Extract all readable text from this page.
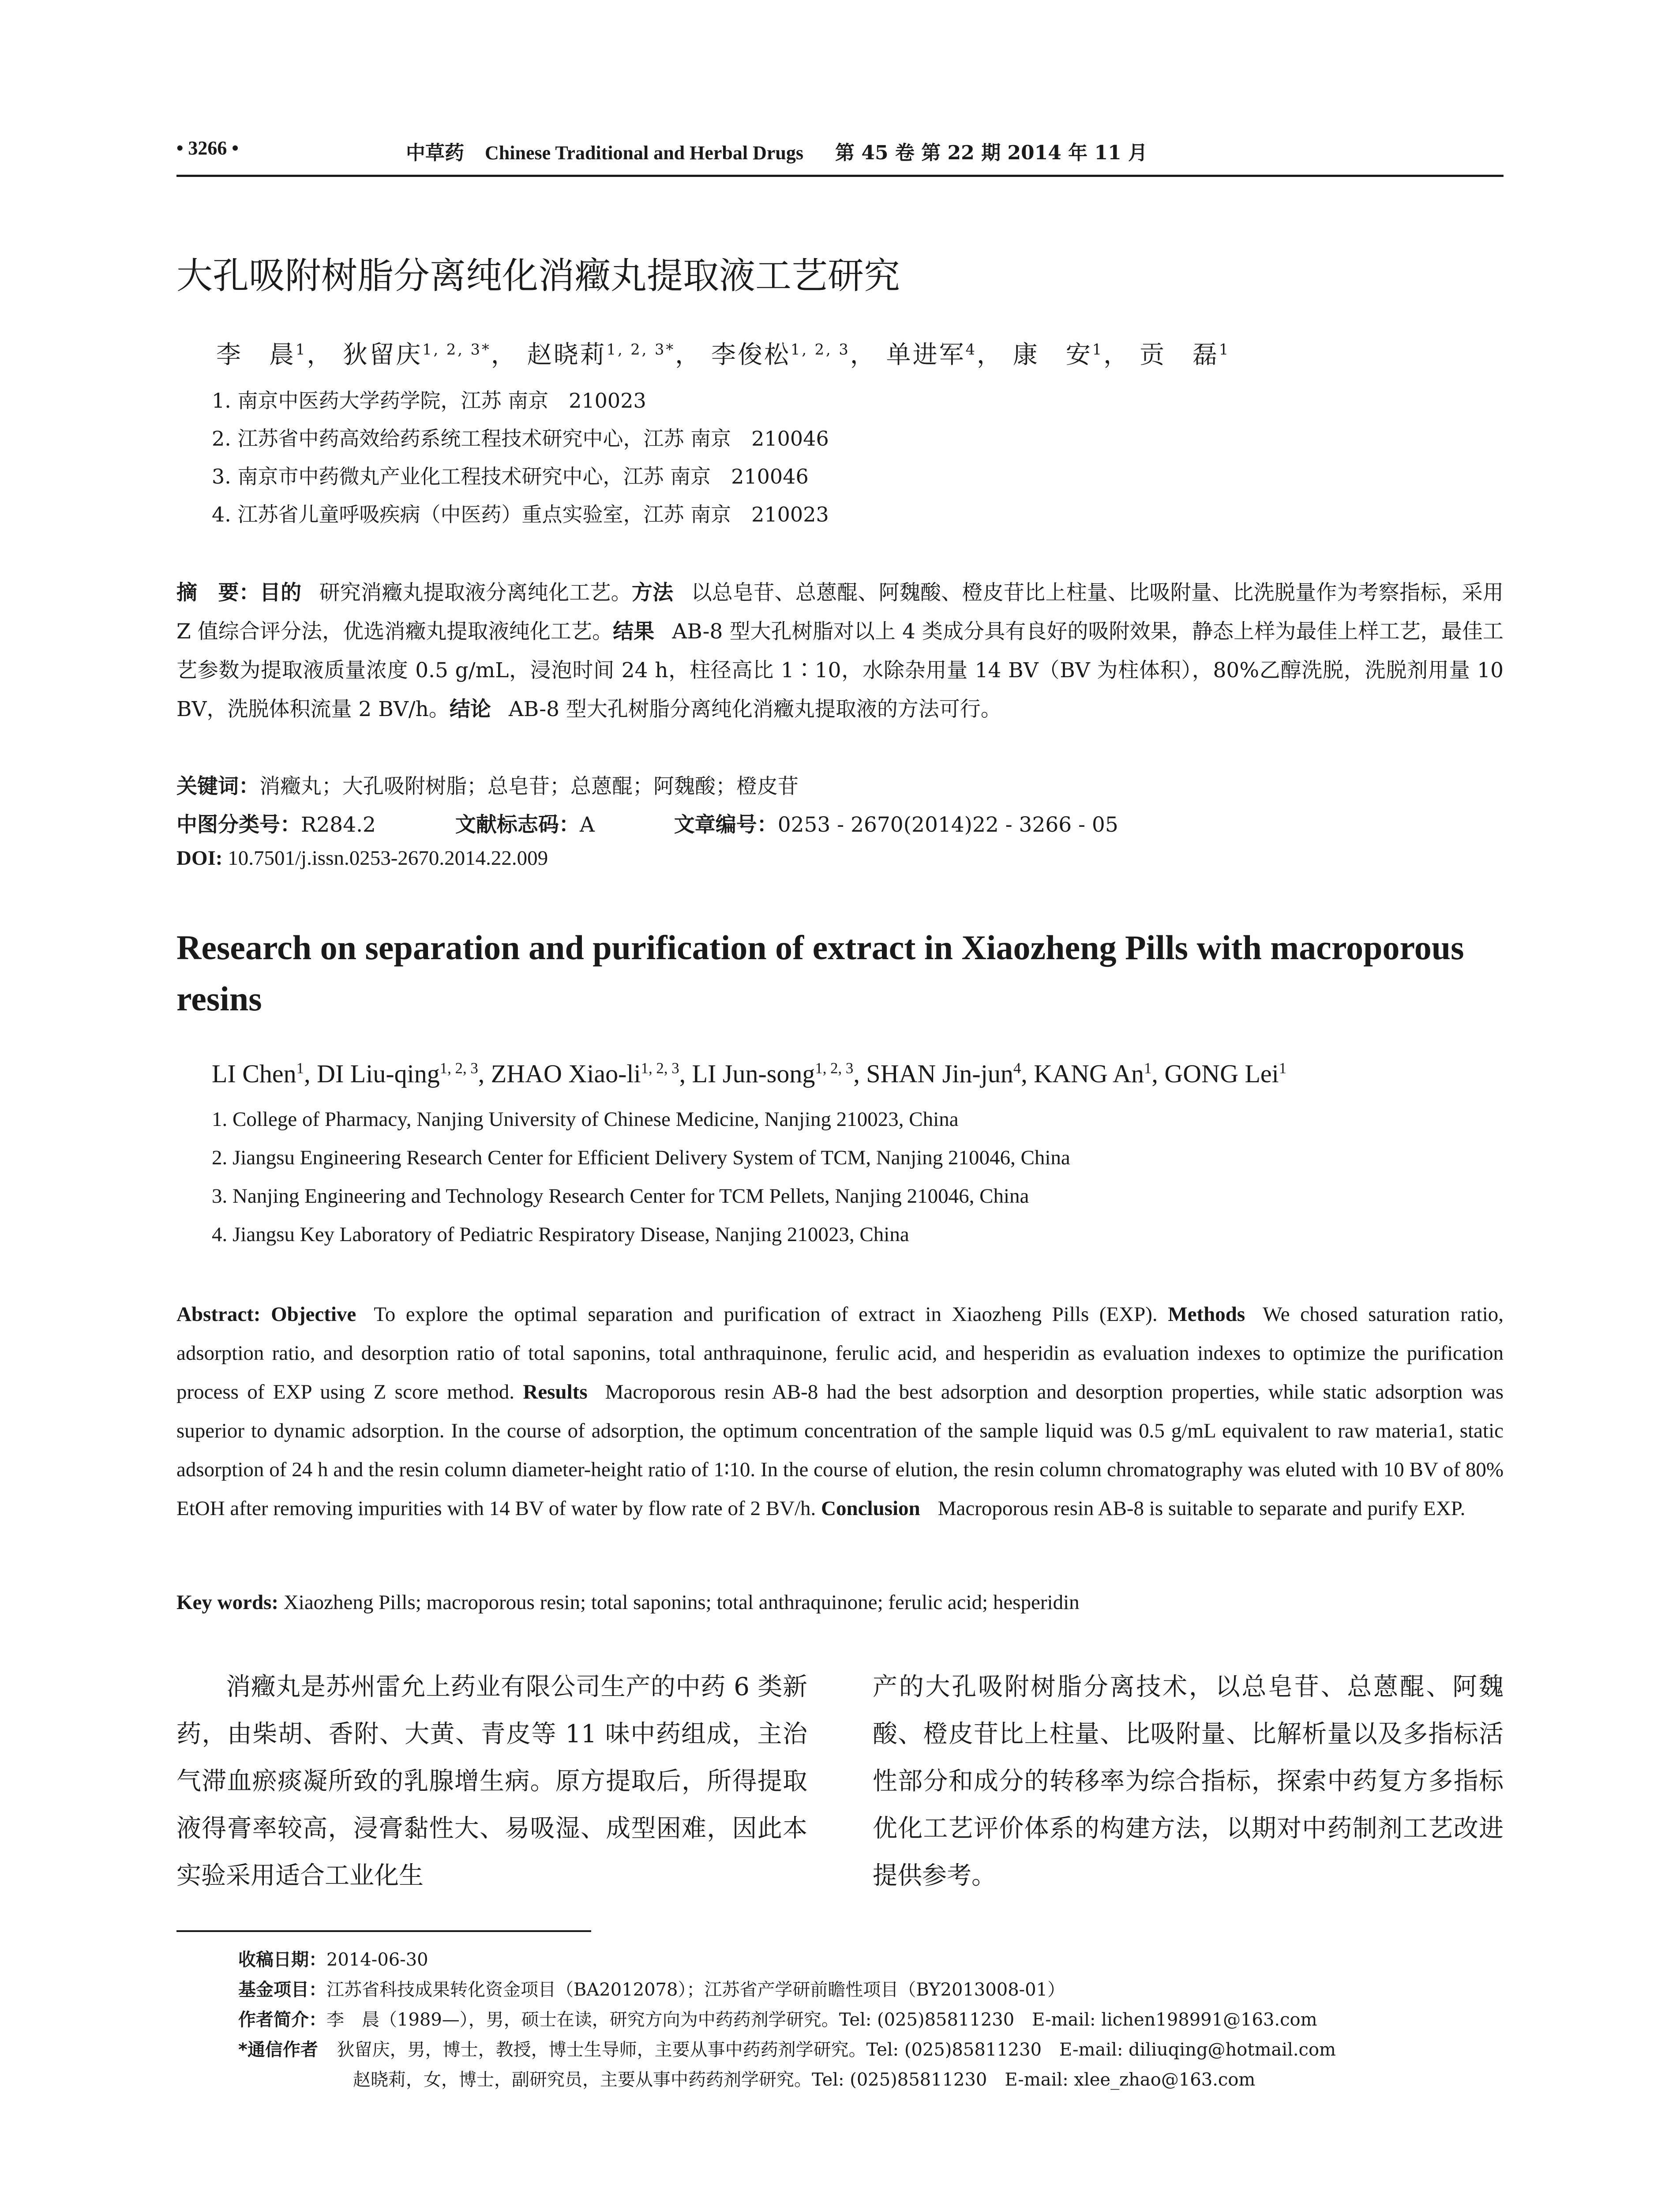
• 3266 •	中草药 Chinese Traditional and Herbal Drugs 第 45 卷 第 22 期 2014 年 11 月
大孔吸附树脂分离纯化消癥丸提取液工艺研究
李　晨$^1$， 狄留庆$^{1, 2, 3*}$， 赵晓莉$^{1, 2, 3*}$， 李俊松$^{1, 2, 3}$， 单进军$^4$， 康　安$^1$， 贡　磊$^1$
1. 南京中医药大学药学院，江苏 南京　210023
2. 江苏省中药高效给药系统工程技术研究中心，江苏 南京　210046
3. 南京市中药微丸产业化工程技术研究中心，江苏 南京　210046
4. 江苏省儿童呼吸疾病（中医药）重点实验室，江苏 南京　210023
摘　要：目的 研究消癥丸提取液分离纯化工艺。方法 以总皂苷、总蒽醌、阿魏酸、橙皮苷比上柱量、比吸附量、比洗脱量作为考察指标，采用 Z 值综合评分法，优选消癥丸提取液纯化工艺。结果 AB-8 型大孔树脂对以上 4 类成分具有良好的吸附效果，静态上样为最佳上样工艺，最佳工艺参数为提取液质量浓度 0.5 g/mL，浸泡时间 24 h，柱径高比 1∶10，水除杂用量 14 BV（BV 为柱体积），80%乙醇洗脱，洗脱剂用量 10 BV，洗脱体积流量 2 BV/h。结论 AB-8 型大孔树脂分离纯化消癥丸提取液的方法可行。
关键词：消癥丸；大孔吸附树脂；总皂苷；总蒽醌；阿魏酸；橙皮苷
中图分类号：R284.2	文献标志码：A	文章编号：0253 - 2670(2014)22 - 3266 - 05
DOI: 10.7501/j.issn.0253-2670.2014.22.009
Research on separation and purification of extract in Xiaozheng Pills with macroporous resins
LI Chen$^1$, DI Liu-qing$^{1, 2, 3}$, ZHAO Xiao-li$^{1, 2, 3}$, LI Jun-song$^{1, 2, 3}$, SHAN Jin-jun$^4$, KANG An$^1$, GONG Lei$^1$
1. College of Pharmacy, Nanjing University of Chinese Medicine, Nanjing 210023, China
2. Jiangsu Engineering Research Center for Efficient Delivery System of TCM, Nanjing 210046, China
3. Nanjing Engineering and Technology Research Center for TCM Pellets, Nanjing 210046, China
4. Jiangsu Key Laboratory of Pediatric Respiratory Disease, Nanjing 210023, China
Abstract: Objective To explore the optimal separation and purification of extract in Xiaozheng Pills (EXP). Methods We chosed saturation ratio, adsorption ratio, and desorption ratio of total saponins, total anthraquinone, ferulic acid, and hesperidin as evaluation indexes to optimize the purification process of EXP using Z score method. Results Macroporous resin AB-8 had the best adsorption and desorption properties, while static adsorption was superior to dynamic adsorption. In the course of adsorption, the optimum concentration of the sample liquid was 0.5 g/mL equivalent to raw materia1, static adsorption of 24 h and the resin column diameter-height ratio of 1∶10. In the course of elution, the resin column chromatography was eluted with 10 BV of 80% EtOH after removing impurities with 14 BV of water by flow rate of 2 BV/h. Conclusion Macroporous resin AB-8 is suitable to separate and purify EXP.
Key words: Xiaozheng Pills; macroporous resin; total saponins; total anthraquinone; ferulic acid; hesperidin
消癥丸是苏州雷允上药业有限公司生产的中药 6 类新药，由柴胡、香附、大黄、青皮等 11 味中药组成，主治气滞血瘀痰凝所致的乳腺增生病。原方提取后，所得提取液得膏率较高，浸膏黏性大、易吸湿、成型困难，因此本实验采用适合工业化生
产的大孔吸附树脂分离技术，以总皂苷、总蒽醌、阿魏酸、橙皮苷比上柱量、比吸附量、比解析量以及多指标活性部分和成分的转移率为综合指标，探索中药复方多指标优化工艺评价体系的构建方法，以期对中药制剂工艺改进提供参考。
收稿日期：2014-06-30
基金项目：江苏省科技成果转化资金项目（BA2012078）；江苏省产学研前瞻性项目（BY2013008-01）
作者简介：李　晨（1989—），男，硕士在读，研究方向为中药药剂学研究。Tel: (025)85811230　E-mail: lichen198991@163.com
*通信作者 狄留庆，男，博士，教授，博士生导师，主要从事中药药剂学研究。Tel: (025)85811230　E-mail: diliuqing@hotmail.com
赵晓莉，女，博士，副研究员，主要从事中药药剂学研究。Tel: (025)85811230　E-mail: xlee_zhao@163.com
